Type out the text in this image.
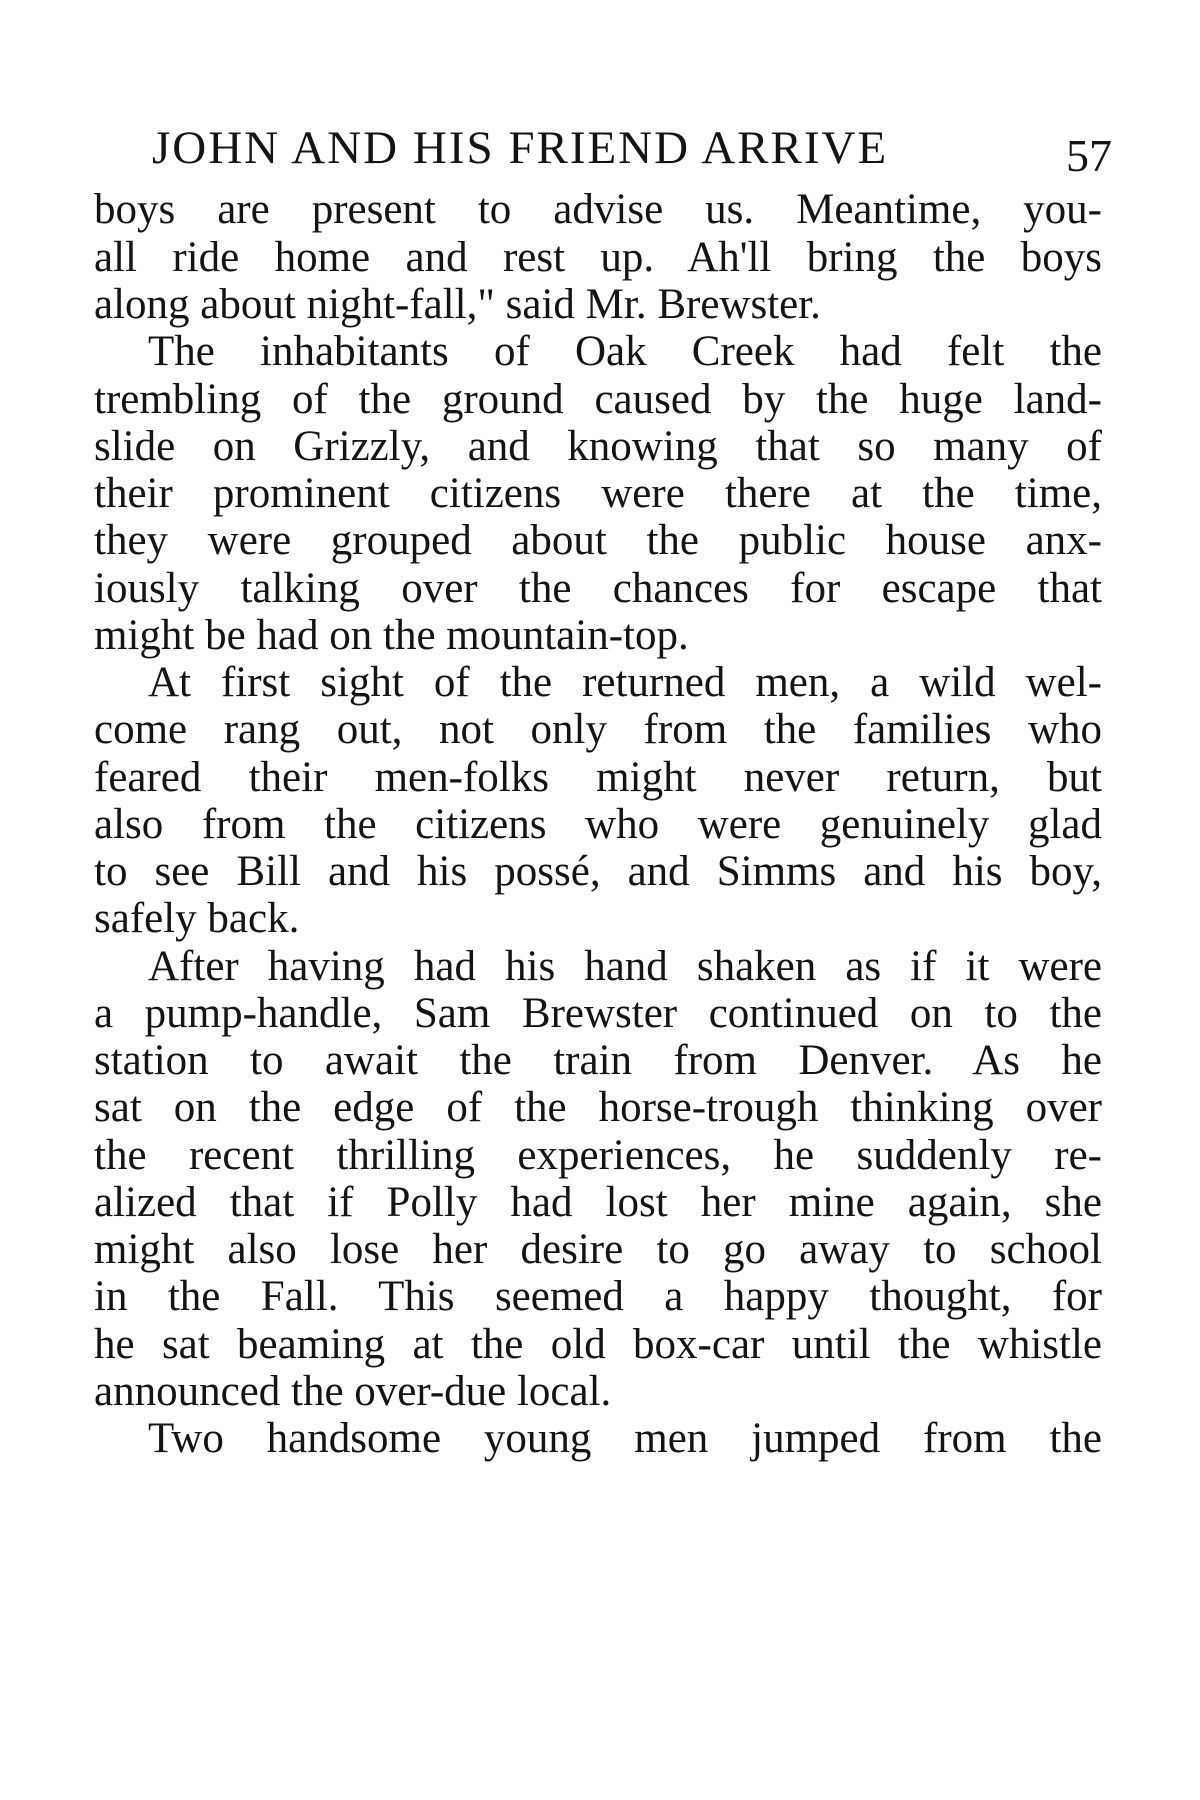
JOHN AND HIS FRIEND ARRIVE	57
boys are present to advise us. Meantime, you-
all ride home and rest up. Ah'll bring the boys
along about night-fall," said Mr. Brewster.
The inhabitants of Oak Creek had felt the
trembling of the ground caused by the huge land-
slide on Grizzly, and knowing that so many of
their prominent citizens were there at the time,
they were grouped about the public house anx-
iously talking over the chances for escape that
might be had on the mountain-top.
At first sight of the returned men, a wild wel-
come rang out, not only from the families who
feared their men-folks might never return, but
also from the citizens who were genuinely glad
to see Bill and his possé, and Simms and his boy,
safely back.
After having had his hand shaken as if it were
a pump-handle, Sam Brewster continued on to the
station to await the train from Denver. As he
sat on the edge of the horse-trough thinking over
the recent thrilling experiences, he suddenly re-
alized that if Polly had lost her mine again, she
might also lose her desire to go away to school
in the Fall. This seemed a happy thought, for
he sat beaming at the old box-car until the whistle
announced the over-due local.
Two handsome young men jumped from the
